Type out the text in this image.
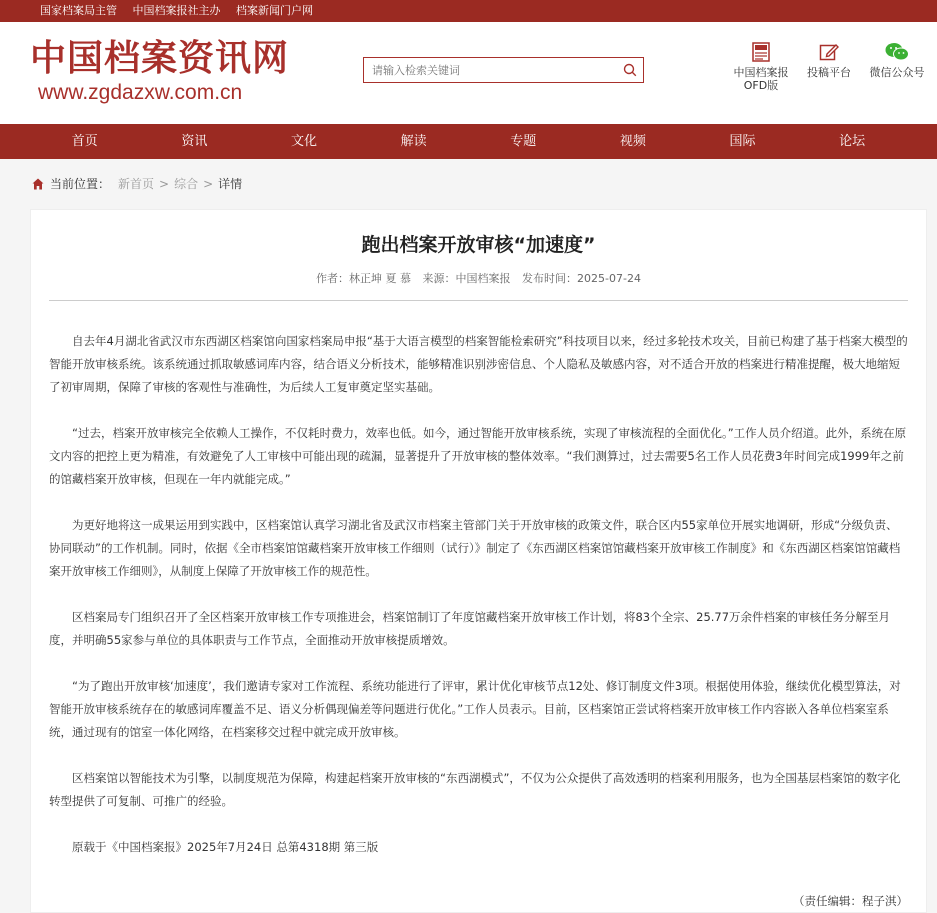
国家档案局主管 中国档案报社主办 档案新闻门户网
中国档案资讯网
www.zgdazxw.com.cn
请输入检索关键词
中国档案报
OFD版
投稿平台 微信公众号
首页	资讯	文化	解读	专题	视频	国际	论坛
当前位置： 新首页 > 综合 > 详情
跑出档案开放审核“加速度”
作者：林正坤 夏 慕 来源：中国档案报 发布时间：2025-07-24

自去年4月湖北省武汉市东西湖区档案馆向国家档案局申报“基于大语言模型的档案智能检索研究”科技项目以来，经过多轮技术攻关，目前已构建了基于档案大模型的智能开放审核系统。该系统通过抓取敏感词库内容，结合语义分析技术，能够精准识别涉密信息、个人隐私及敏感内容，对不适合开放的档案进行精准提醒，极大地缩短了初审周期，保障了审核的客观性与准确性，为后续人工复审奠定坚实基础。

“过去，档案开放审核完全依赖人工操作，不仅耗时费力，效率也低。如今，通过智能开放审核系统，实现了审核流程的全面优化。”工作人员介绍道。此外，系统在原文内容的把控上更为精准，有效避免了人工审核中可能出现的疏漏，显著提升了开放审核的整体效率。“我们测算过，过去需要5名工作人员花费3年时间完成1999年之前的馆藏档案开放审核，但现在一年内就能完成。”

为更好地将这一成果运用到实践中，区档案馆认真学习湖北省及武汉市档案主管部门关于开放审核的政策文件，联合区内55家单位开展实地调研，形成“分级负责、协同联动”的工作机制。同时，依据《全市档案馆馆藏档案开放审核工作细则（试行）》制定了《东西湖区档案馆馆藏档案开放审核工作制度》和《东西湖区档案馆馆藏档案开放审核工作细则》，从制度上保障了开放审核工作的规范性。

区档案局专门组织召开了全区档案开放审核工作专项推进会，档案馆制订了年度馆藏档案开放审核工作计划，将83个全宗、25.77万余件档案的审核任务分解至月度，并明确55家参与单位的具体职责与工作节点，全面推动开放审核提质增效。

“为了跑出开放审核‘加速度’，我们邀请专家对工作流程、系统功能进行了评审，累计优化审核节点12处、修订制度文件3项。根据使用体验，继续优化模型算法，对智能开放审核系统存在的敏感词库覆盖不足、语义分析偶现偏差等问题进行优化。”工作人员表示。目前，区档案馆正尝试将档案开放审核工作内容嵌入各单位档案室系统，通过现有的馆室一体化网络，在档案移交过程中就完成开放审核。

区档案馆以智能技术为引擎，以制度规范为保障，构建起档案开放审核的“东西湖模式”，不仅为公众提供了高效透明的档案利用服务，也为全国基层档案馆的数字化转型提供了可复制、可推广的经验。

原载于《中国档案报》2025年7月24日 总第4318期 第三版

（责任编辑：程子淇）
